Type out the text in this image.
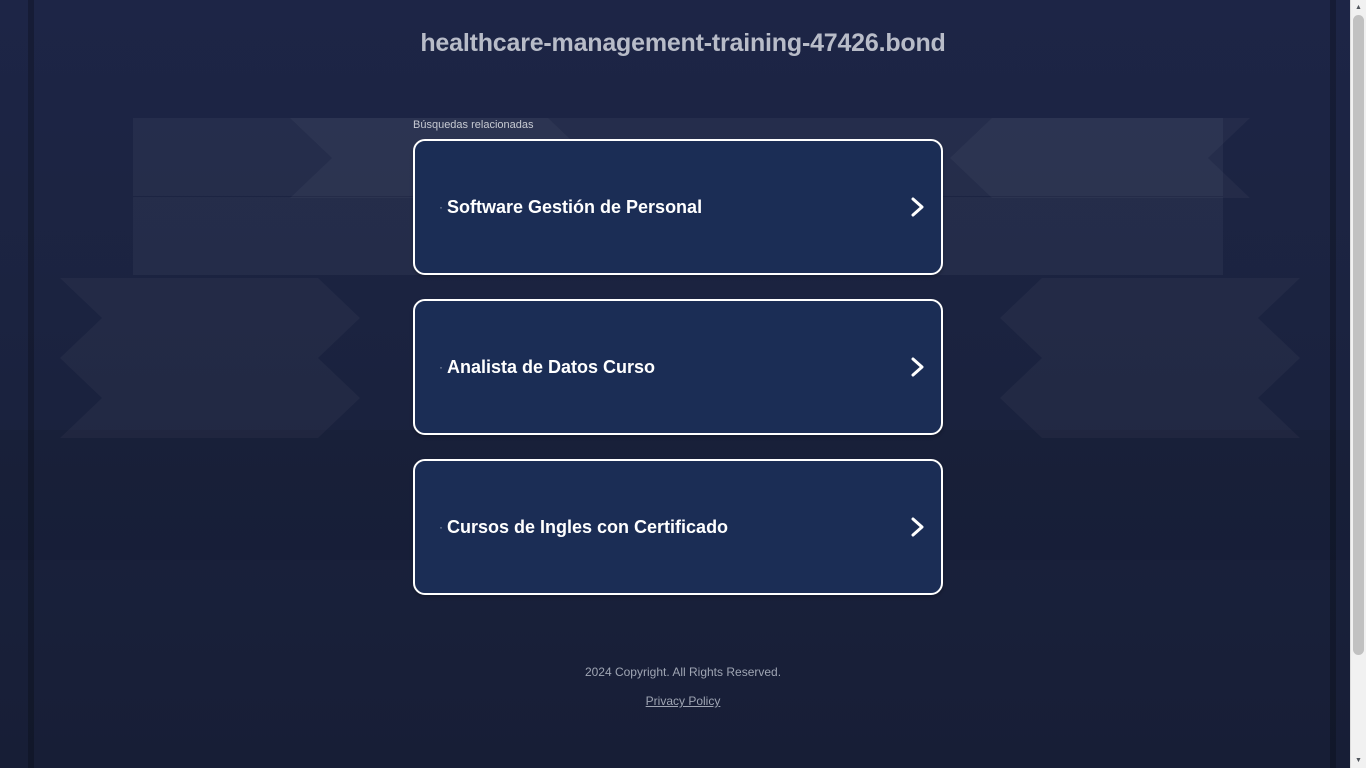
healthcare-management-training-47426.bond
Búsquedas relacionadas
· Software Gestión de Personal
· Analista de Datos Curso
· Cursos de Ingles con Certificado
2024 Copyright. All Rights Reserved.
Privacy Policy
▲
▼
